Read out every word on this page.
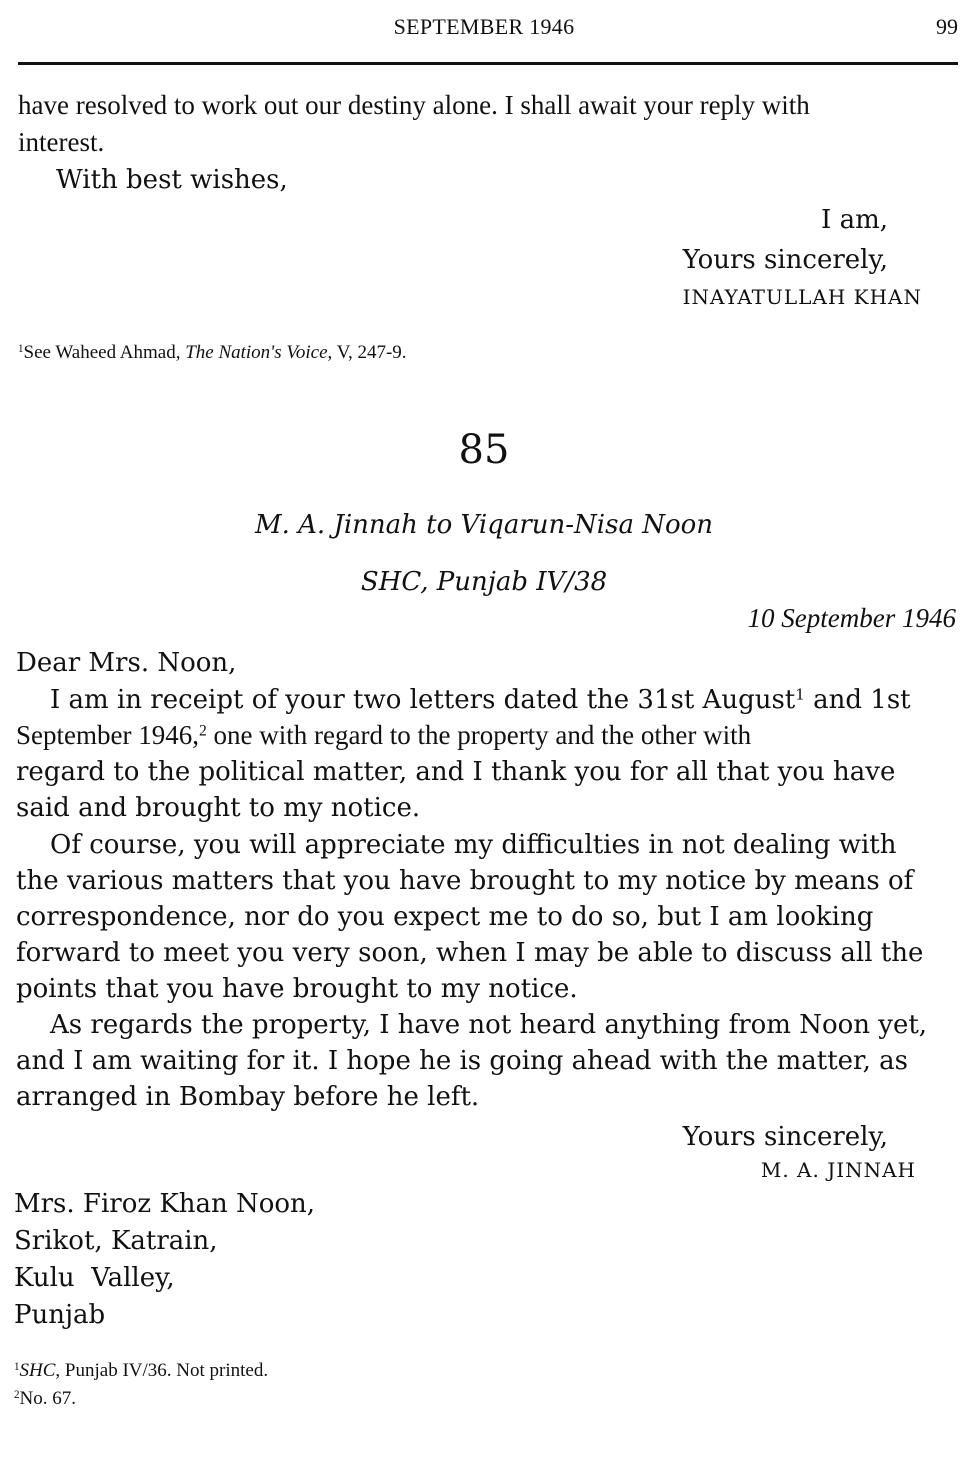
SEPTEMBER 1946	99
have resolved to work out our destiny alone. I shall await your reply with
interest.
With best wishes,
I am,
Yours sincerely,
INAYATULLAH KHAN
$^1$See Waheed Ahmad, The Nation's Voice, V, 247-9.
85
M. A. Jinnah to Viqarun-Nisa Noon
SHC, Punjab IV/38
10 September 1946
Dear Mrs. Noon,
I am in receipt of your two letters dated the 31st August$^1$ and 1st
September 1946,$^2$ one with regard to the property and the other with
regard to the political matter, and I thank you for all that you have
said and brought to my notice.
Of course, you will appreciate my difficulties in not dealing with
the various matters that you have brought to my notice by means of
correspondence, nor do you expect me to do so, but I am looking
forward to meet you very soon, when I may be able to discuss all the
points that you have brought to my notice.
As regards the property, I have not heard anything from Noon yet,
and I am waiting for it. I hope he is going ahead with the matter, as
arranged in Bombay before he left.
Yours sincerely,
M. A. JINNAH
Mrs. Firoz Khan Noon,
Srikot, Katrain,
Kulu  Valley,
Punjab
$^1$SHC, Punjab IV/36. Not printed.
$^2$No. 67.
